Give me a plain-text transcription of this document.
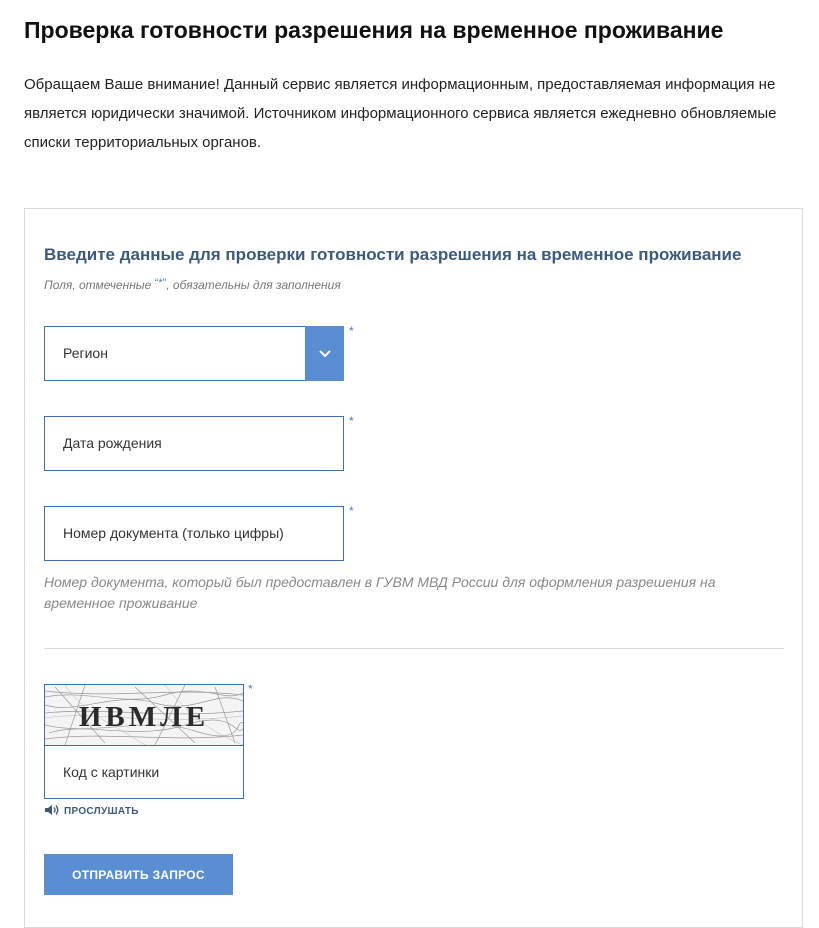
Проверка готовности разрешения на временное проживание

Обращаем Ваше внимание! Данный сервис является информационным, предоставляемая информация не является юридически значимой. Источником информационного сервиса является ежедневно обновляемые списки территориальных органов.

Введите данные для проверки готовности разрешения на временное проживание

Поля, отмеченные “*”, обязательны для заполнения

Регион
*
Дата рождения
*
Номер документа (только цифры)
*

Номер документа, который был предоставлен в ГУВМ МВД России для оформления разрешения на временное проживание

ИВМЛЕ
Код с картинки
*
ПРОСЛУШАТЬ
ОТПРАВИТЬ ЗАПРОС
